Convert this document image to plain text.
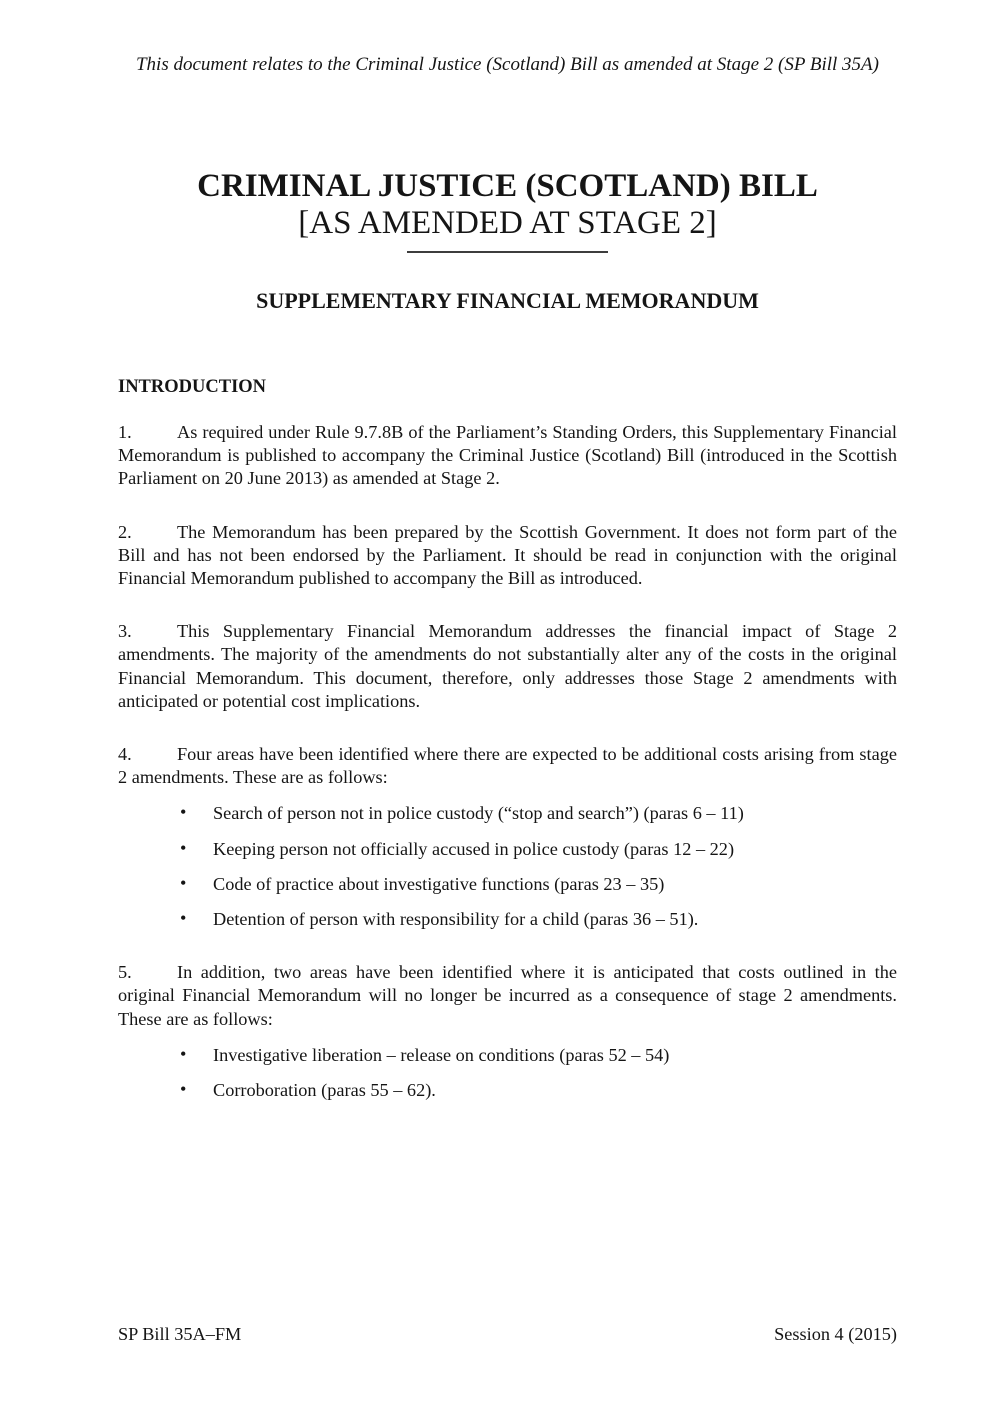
This document relates to the Criminal Justice (Scotland) Bill as amended at Stage 2 (SP Bill 35A)

CRIMINAL JUSTICE (SCOTLAND) BILL
[AS AMENDED AT STAGE 2]
SUPPLEMENTARY FINANCIAL MEMORANDUM
INTRODUCTION

1. As required under Rule 9.7.8B of the Parliament’s Standing Orders, this Supplementary Financial Memorandum is published to accompany the Criminal Justice (Scotland) Bill (introduced in the Scottish Parliament on 20 June 2013) as amended at Stage 2.

2. The Memorandum has been prepared by the Scottish Government. It does not form part of the Bill and has not been endorsed by the Parliament. It should be read in conjunction with the original Financial Memorandum published to accompany the Bill as introduced.

3. This Supplementary Financial Memorandum addresses the financial impact of Stage 2 amendments. The majority of the amendments do not substantially alter any of the costs in the original Financial Memorandum. This document, therefore, only addresses those Stage 2 amendments with anticipated or potential cost implications.

4. Four areas have been identified where there are expected to be additional costs arising from stage 2 amendments. These are as follows:

• Search of person not in police custody (“stop and search”) (paras 6 – 11)
• Keeping person not officially accused in police custody (paras 12 – 22)
• Code of practice about investigative functions (paras 23 – 35)
• Detention of person with responsibility for a child (paras 36 – 51).

5. In addition, two areas have been identified where it is anticipated that costs outlined in the original Financial Memorandum will no longer be incurred as a consequence of stage 2 amendments. These are as follows:

• Investigative liberation – release on conditions (paras 52 – 54)
• Corroboration (paras 55 – 62).
SP Bill 35A–FM	Session 4 (2015)
